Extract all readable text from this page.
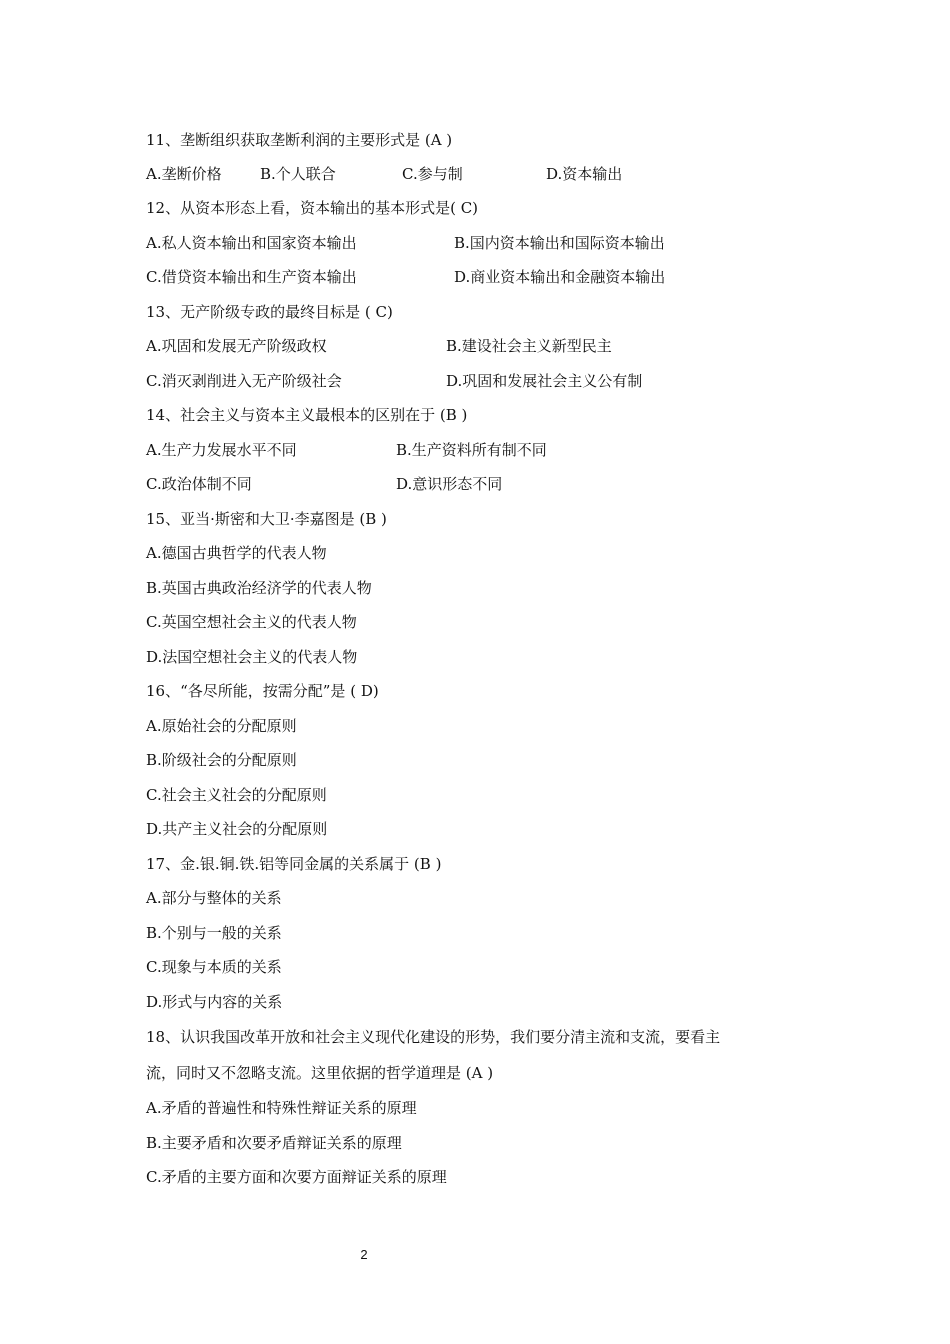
11、垄断组织获取垄断利润的主要形式是 (A )
A.垄断价格	B.个人联合	C.参与制	D.资本输出
12、从资本形态上看，资本输出的基本形式是( C)
A.私人资本输出和国家资本输出	B.国内资本输出和国际资本输出
C.借贷资本输出和生产资本输出	D.商业资本输出和金融资本输出
13、无产阶级专政的最终目标是 ( C)
A.巩固和发展无产阶级政权	B.建设社会主义新型民主
C.消灭剥削进入无产阶级社会	D.巩固和发展社会主义公有制
14、社会主义与资本主义最根本的区别在于 (B )
A.生产力发展水平不同	B.生产资料所有制不同
C.政治体制不同	D.意识形态不同
15、亚当·斯密和大卫·李嘉图是 (B )
A.德国古典哲学的代表人物
B.英国古典政治经济学的代表人物
C.英国空想社会主义的代表人物
D.法国空想社会主义的代表人物
16、“各尽所能，按需分配”是 ( D)
A.原始社会的分配原则
B.阶级社会的分配原则
C.社会主义社会的分配原则
D.共产主义社会的分配原则
17、金.银.铜.铁.铝等同金属的关系属于 (B )
A.部分与整体的关系
B.个别与一般的关系
C.现象与本质的关系
D.形式与内容的关系
18、认识我国改革开放和社会主义现代化建设的形势，我们要分清主流和支流，要看主
流，同时又不忽略支流。这里依据的哲学道理是 (A )
A.矛盾的普遍性和特殊性辩证关系的原理
B.主要矛盾和次要矛盾辩证关系的原理
C.矛盾的主要方面和次要方面辩证关系的原理
2
